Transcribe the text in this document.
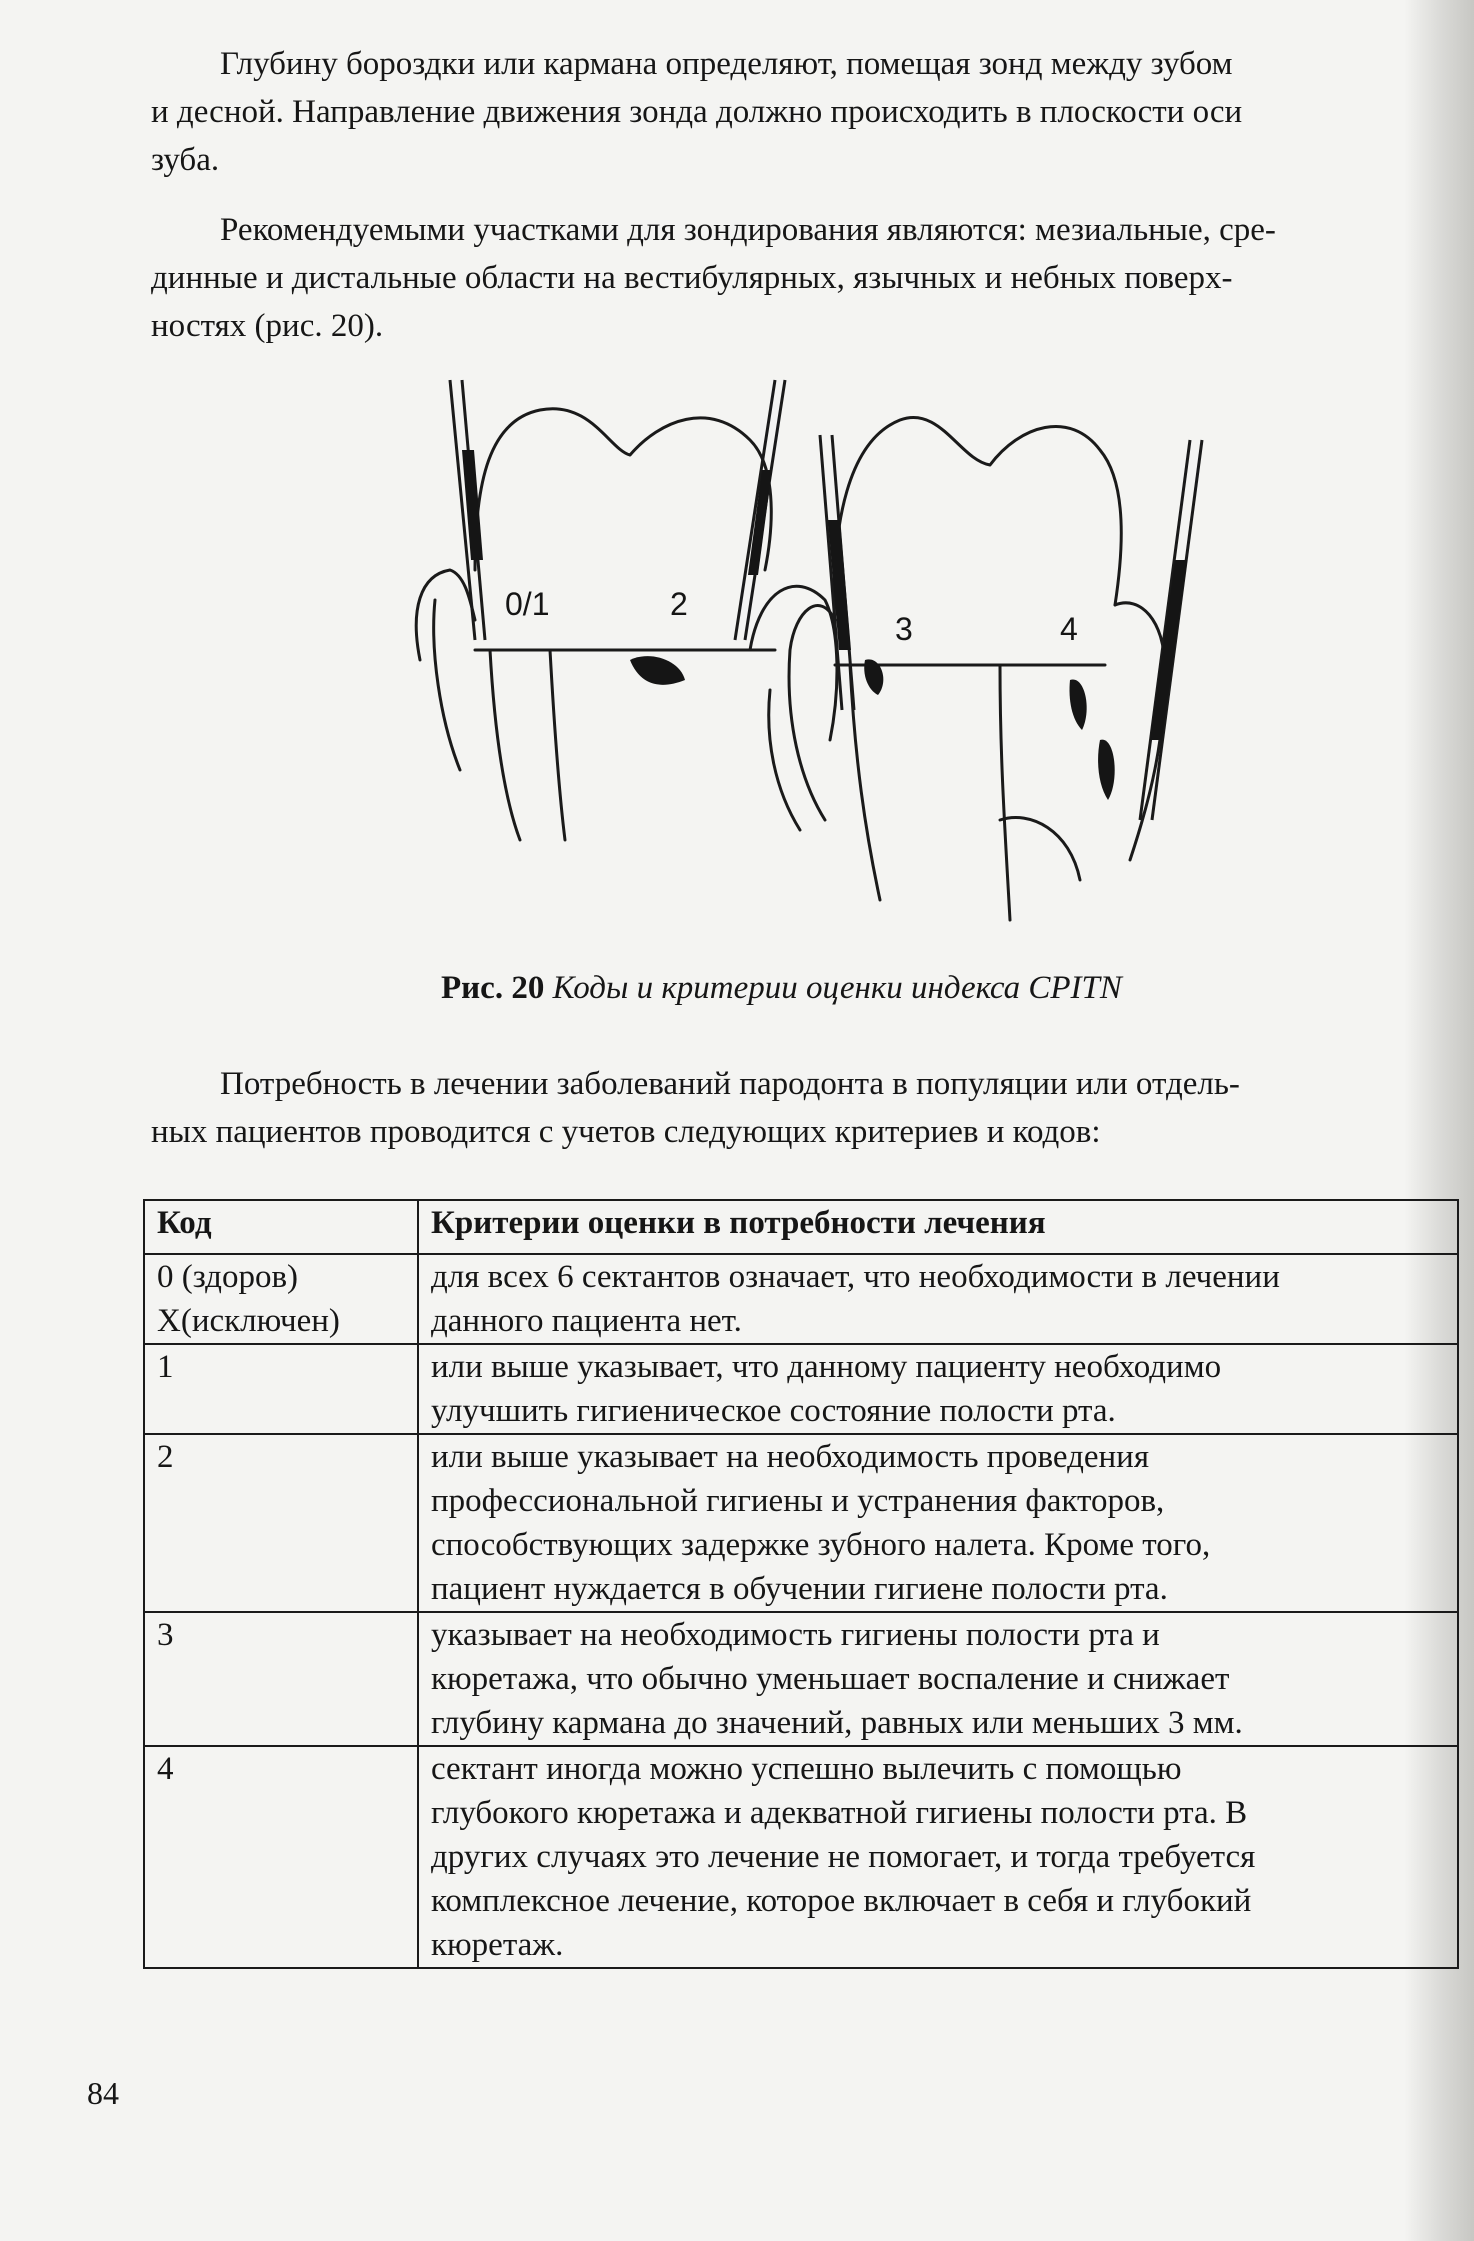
Глубину бороздки или кармана определяют, помещая зонд между зубом
и десной. Направление движения зонда должно происходить в плоскости оси
зуба.
Рекомендуемыми участками для зондирования являются: мезиальные, сре-
динные и дистальные области на вестибулярных, язычных и небных поверх-
ностях (рис. 20).
0/1	2
3	4
Рис. 20 Коды и критерии оценки индекса CPITN
Потребность в лечении заболеваний пародонта в популяции или отдель-
ных пациентов проводится с учетов следующих критериев и кодов:
Код	Критерии оценки в потребности лечения

0 (здоров)
Х(исключен)	для всех 6 сектантов означает, что необходимости в лечении
данного пациента нет.

1	или выше указывает, что данному пациенту необходимо
улучшить гигиеническое состояние полости рта.

2	или выше указывает на необходимость проведения
профессиональной гигиены и устранения факторов,
способствующих задержке зубного налета. Кроме того,
пациент нуждается в обучении гигиене полости рта.

3	указывает на необходимость гигиены полости рта и
кюретажа, что обычно уменьшает воспаление и снижает
глубину кармана до значений, равных или меньших 3 мм.

4	сектант иногда можно успешно вылечить с помощью
глубокого кюретажа и адекватной гигиены полости рта. В
других случаях это лечение не помогает, и тогда требуется
комплексное лечение, которое включает в себя и глубокий
кюретаж.
84
